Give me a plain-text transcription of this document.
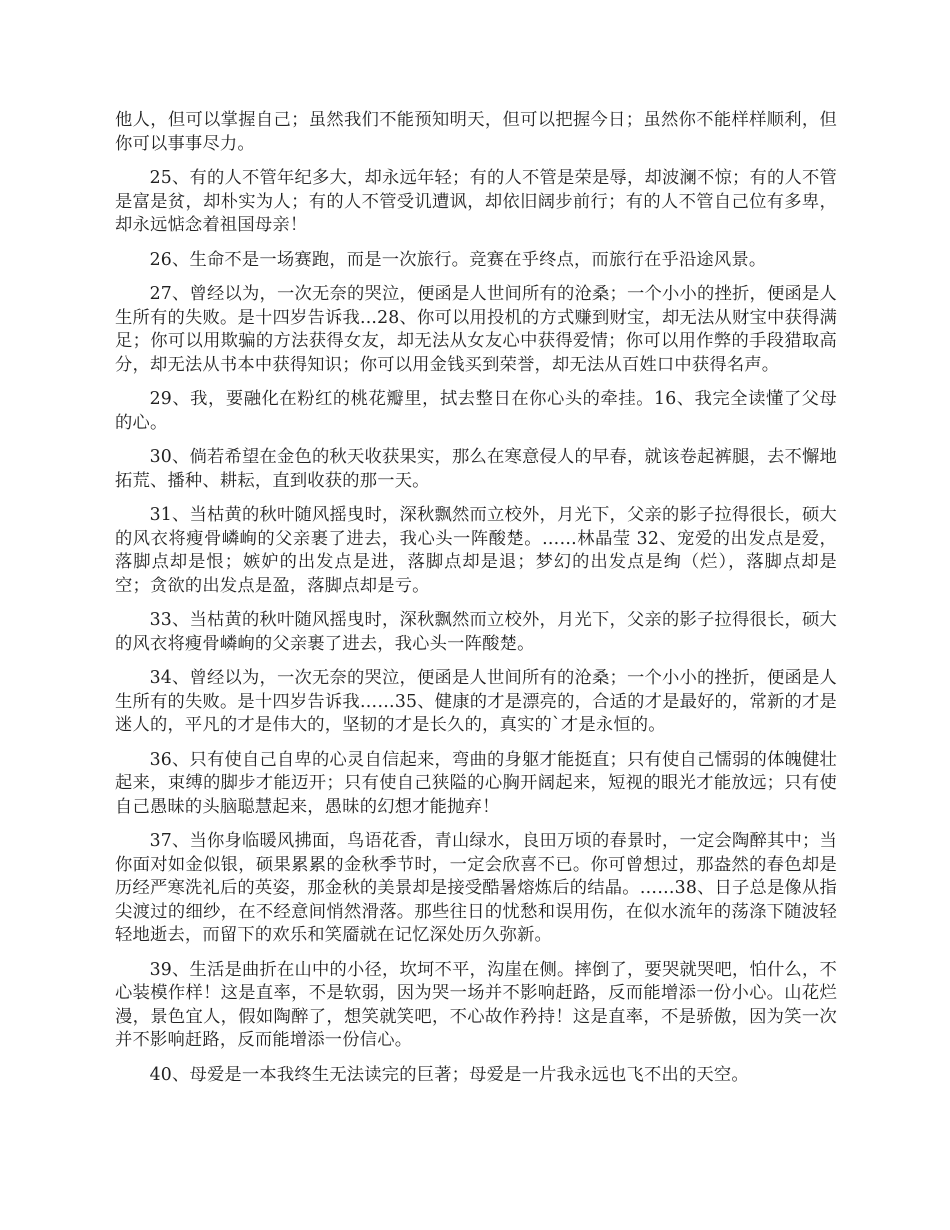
他人，但可以掌握自己；虽然我们不能预知明天，但可以把握今日；虽然你不能样样顺利，但你可以事事尽力。

25、有的人不管年纪多大，却永远年轻；有的人不管是荣是辱，却波澜不惊；有的人不管是富是贫，却朴实为人；有的人不管受讥遭讽，却依旧阔步前行；有的人不管自己位有多卑，却永远惦念着祖国母亲！

26、生命不是一场赛跑，而是一次旅行。竞赛在乎终点，而旅行在乎沿途风景。

27、曾经以为，一次无奈的哭泣，便函是人世间所有的沧桑；一个小小的挫折，便函是人生所有的失败。是十四岁告诉我...28、你可以用投机的方式赚到财宝，却无法从财宝中获得满足；你可以用欺骗的方法获得女友，却无法从女友心中获得爱情；你可以用作弊的手段猎取高分，却无法从书本中获得知识；你可以用金钱买到荣誉，却无法从百姓口中获得名声。

29、我，要融化在粉红的桃花瓣里，拭去整日在你心头的牵挂。16、我完全读懂了父母的心。

30、倘若希望在金色的秋天收获果实，那么在寒意侵人的早春，就该卷起裤腿，去不懈地拓荒、播种、耕耘，直到收获的那一天。

31、当枯黄的秋叶随风摇曳时，深秋飘然而立校外，月光下，父亲的影子拉得很长，硕大的风衣将瘦骨嶙峋的父亲裹了进去，我心头一阵酸楚。……林晶莹 32、宠爱的出发点是爱，落脚点却是恨；嫉妒的出发点是进，落脚点却是退；梦幻的出发点是绚（烂），落脚点却是空；贪欲的出发点是盈，落脚点却是亏。

33、当枯黄的秋叶随风摇曳时，深秋飘然而立校外，月光下，父亲的影子拉得很长，硕大的风衣将瘦骨嶙峋的父亲裹了进去，我心头一阵酸楚。

34、曾经以为，一次无奈的哭泣，便函是人世间所有的沧桑；一个小小的挫折，便函是人生所有的失败。是十四岁告诉我……35、健康的才是漂亮的，合适的才是最好的，常新的才是迷人的，平凡的才是伟大的，坚韧的才是长久的，真实的`才是永恒的。

36、只有使自己自卑的心灵自信起来，弯曲的身躯才能挺直；只有使自己懦弱的体魄健壮起来，束缚的脚步才能迈开；只有使自己狭隘的心胸开阔起来，短视的眼光才能放远；只有使自己愚昧的头脑聪慧起来，愚昧的幻想才能抛弃！

37、当你身临暖风拂面，鸟语花香，青山绿水，良田万顷的春景时，一定会陶醉其中；当你面对如金似银，硕果累累的金秋季节时，一定会欣喜不已。你可曾想过，那盎然的春色却是历经严寒洗礼后的英姿，那金秋的美景却是接受酷暑熔炼后的结晶。……38、日子总是像从指尖渡过的细纱，在不经意间悄然滑落。那些往日的忧愁和误用伤，在似水流年的荡涤下随波轻轻地逝去，而留下的欢乐和笑靥就在记忆深处历久弥新。

39、生活是曲折在山中的小径，坎坷不平，沟崖在侧。摔倒了，要哭就哭吧，怕什么，不心装模作样！这是直率，不是软弱，因为哭一场并不影响赶路，反而能增添一份小心。山花烂漫，景色宜人，假如陶醉了，想笑就笑吧，不心故作矜持！这是直率，不是骄傲，因为笑一次并不影响赶路，反而能增添一份信心。

40、母爱是一本我终生无法读完的巨著；母爱是一片我永远也飞不出的天空。
